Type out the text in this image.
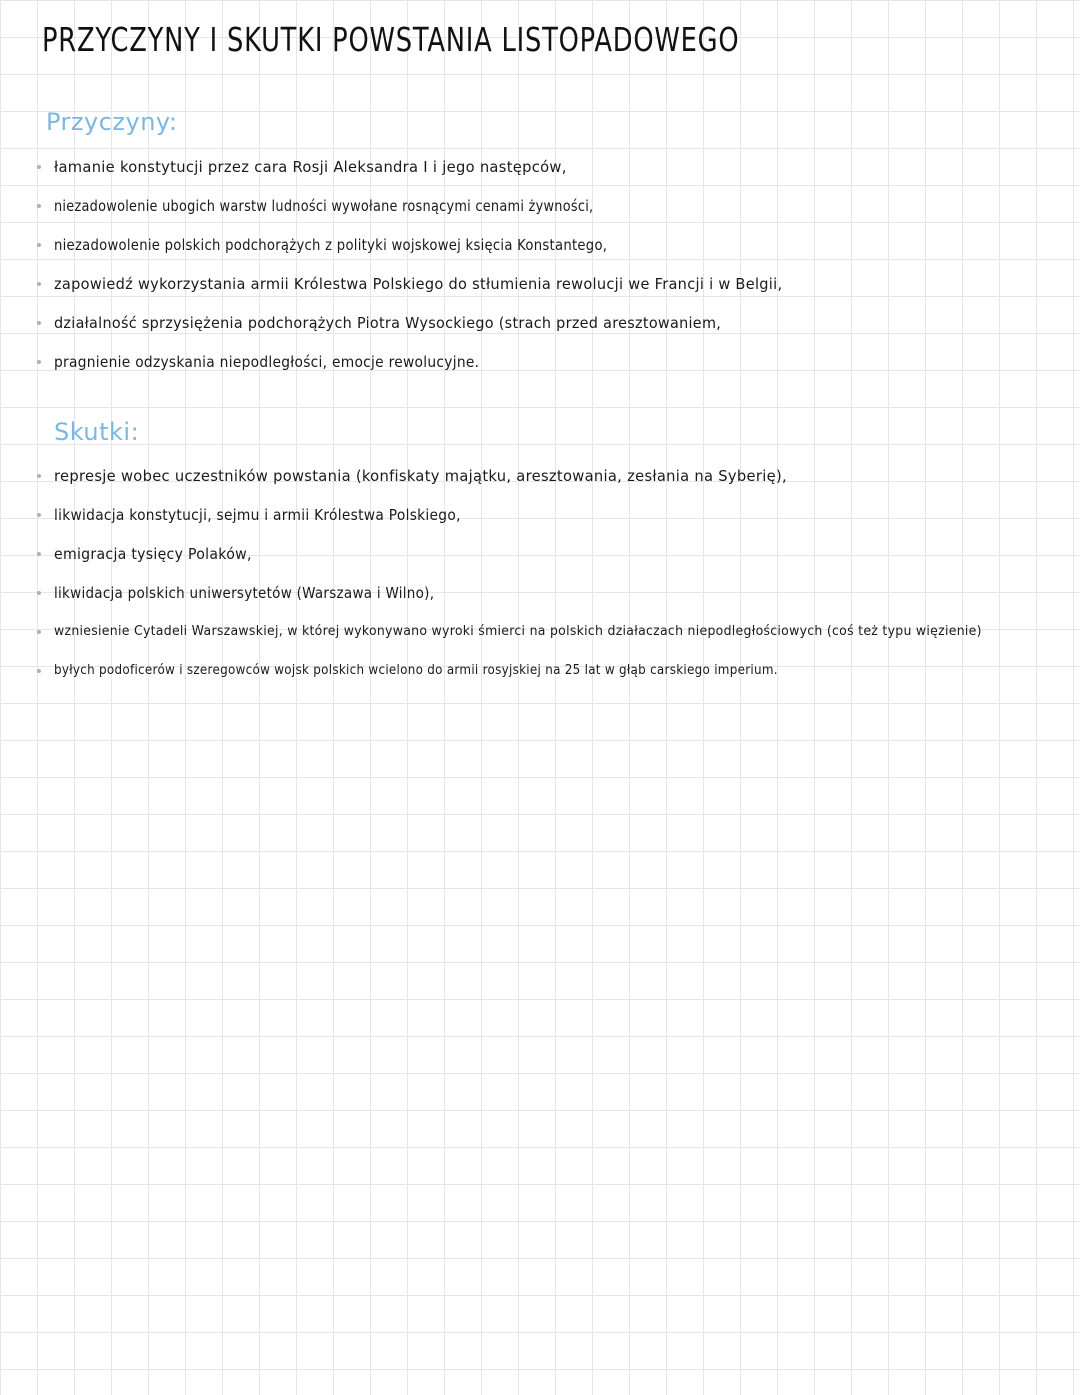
PRZYCZYNY I SKUTKI POWSTANIA LISTOPADOWEGO
Przyczyny:
łamanie konstytucji przez cara Rosji Aleksandra I i jego następców,
niezadowolenie ubogich warstw ludności wywołane rosnącymi cenami żywności,
niezadowolenie polskich podchorążych z polityki wojskowej księcia Konstantego,
zapowiedź wykorzystania armii Królestwa Polskiego do stłumienia rewolucji we Francji i w Belgii,
działalność sprzysiężenia podchorążych Piotra Wysockiego (strach przed aresztowaniem,
pragnienie odzyskania niepodległości, emocje rewolucyjne.
Skutki:
represje wobec uczestników powstania (konfiskaty majątku, aresztowania, zesłania na Syberię),
likwidacja konstytucji, sejmu i armii Królestwa Polskiego,
emigracja tysięcy Polaków,
likwidacja polskich uniwersytetów (Warszawa i Wilno),
wzniesienie Cytadeli Warszawskiej, w której wykonywano wyroki śmierci na polskich działaczach niepodległościowych (coś też typu więzienie)
byłych podoficerów i szeregowców wojsk polskich wcielono do armii rosyjskiej na 25 lat w głąb carskiego imperium.
